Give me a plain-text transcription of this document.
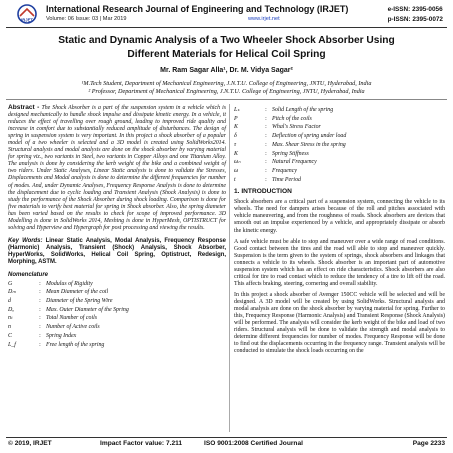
IRJET
International Research Journal of Engineering and Technology (IRJET)
Volume: 06 Issue: 03 | Mar 2019	www.irjet.net
e-ISSN: 2395-0056
p-ISSN: 2395-0072
Static and Dynamic Analysis of a Two Wheeler Shock Absorber Using
Different Materials for Helical Coil Spring
Mr. Ram Sagar Alla¹, Dr. M. Vidya Sagar²
¹M.Tech Student, Department of Mechanical Engineering, J.N.T.U. College of Engineering, JNTU, Hyderabad, India
² Professor, Department of Mechanical Engineering, J.N.T.U. College of Engineering, JNTU, Hyderabad, India
Abstract - The Shock Absorber is a part of the suspension system in a vehicle which is designed mechanically to handle shock impulse and dissipate kinetic energy. In a vehicle, it reduces the effect of travelling over rough ground, leading to improved ride quality and increase in comfort due to substantially reduced amplitude of disturbances. The design of spring in suspension system is very important. In this project a shock absorber of a popular model of a two wheeler is selected and a 3D model is created using SolidWorks2014. Structural analysis and modal analysis are done on the shock absorber by varying material for spring viz., two variants in Steel, two variants in Copper Alloys and one Titanium Alloy. The analysis is done by considering the kerb weight of the bike and a combined weight of two riders. Under Static Analyses, Linear Static analysis is done to validate the Stresses, Displacements and Modal analysis is done to determine the different frequencies for number of modes. And, under Dynamic Analyses, Frequency Response Analysis is done to determine the displacement due to cyclic loading and Transient Analysis (Shock Analysis) is done to study the performance of the Shock Absorber during shock loading. Comparison is done for five materials to verify best material for spring in Shock absorber. Also, the spring diameter has been varied based on the results to check for scope of improved performance. 3D Modelling is done in SolidWorks 2014, Meshing is done in HyperMesh, OPTISTRUCT for solving and Hyperview and Hypergraph for post processing and viewing the results.
Key Words: Linear Static Analysis, Modal Analysis, Frequency Response (Harmonic) Analysis, Transient (Shock) Analysis, Shock Absorber, HyperWorks, SolidWorks, Helical Coil Spring, Optistruct, Redesign, Morphing, ASTM.
Nomenclature
G	:	Modulus of Rigidity
Dₘ	:	Mean Diameter of the coil
d	:	Diameter of the Spring Wire
Dₒ	:	Max. Outer Diameter of the Spring
nₜ	:	Total Number of coils
n	:	Number of Active coils
C	:	Spring Index
L_f	:	Free length of the spring
Lₛ	:	Solid Length of the spring
P	:	Pitch of the coils
K	:	Whal's Stress Factor
δ	:	Deflection of spring under load
τ	:	Max. Shear Stress in the spring
K	:	Spring Stiffness
ωₙ	:	Natural Frequency
ω	:	Frequency
t	:	Time Period
1. INTRODUCTION
Shock absorbers are a critical part of a suspension system, connecting the vehicle to its wheels. The need for dampers arises because of the roll and pitches associated with vehicle maneuvering, and from the roughness of roads. Shock absorbers are devices that smooth out an impulse experienced by a vehicle, and appropriately dissipate or absorb the kinetic energy.
A safe vehicle must be able to stop and maneuver over a wide range of road conditions. Good contact between the tires and the road will able to stop and maneuver quickly. Suspension is the term given to the system of springs, shock absorbers and linkages that connects a vehicle to its wheels. Shock absorber is an important part of automotive suspension system which has an effect on ride characteristics. Shock absorbers are also critical for tire to road contact which to reduce the tendency of a tire to lift off the road. This affects braking, steering, cornering and overall stability.
In this project a shock absorber of Avenger 150CC vehicle will be selected and will be designed. A 3D model will be created by using SolidWorks. Structural analysis and modal analysis are done on the shock absorber by varying material for spring. Further to this, Frequency Response (Harmonic Analysis) and Transient Response (Shock Analysis) will be performed. The analysis will consider the kerb weight of the bike and load of two riders. Structural analysis will be done to validate the strength and modal analysis to determine different frequencies for number of modes. Frequency Response will be done to find out the displacements occurring in the frequency range. Transient analysis will be conducted to simulate the shock loads occurring on the
© 2019, IRJET	Impact Factor value: 7.211	ISO 9001:2008 Certified Journal	Page 2233
